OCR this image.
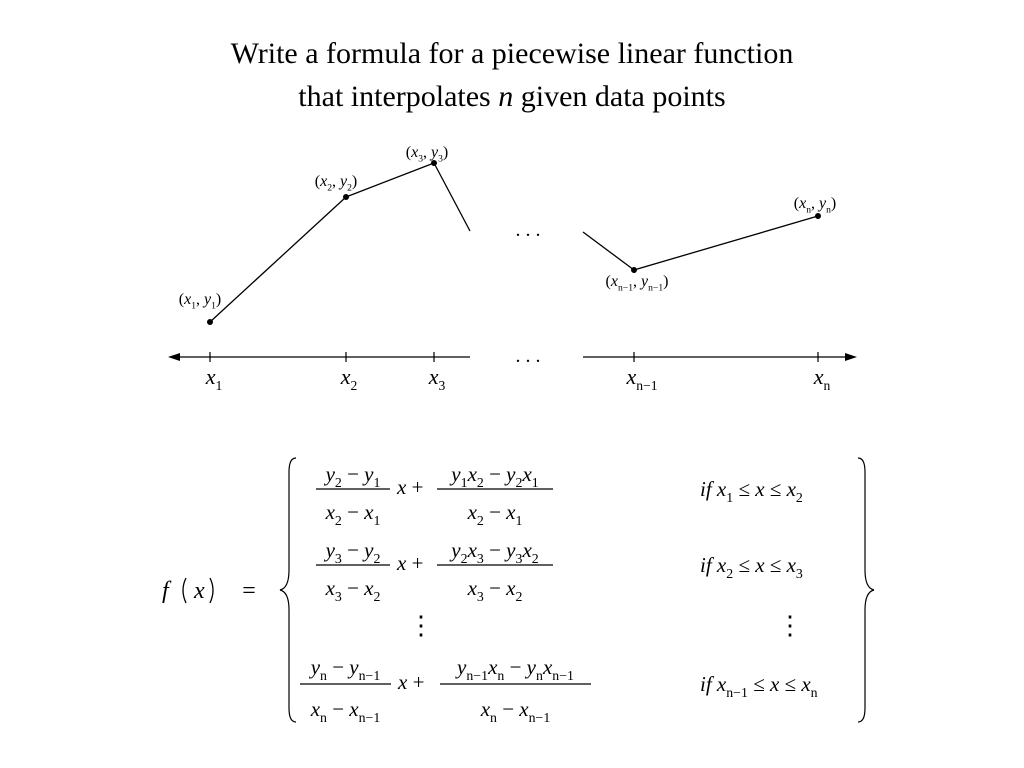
Write a formula for a piecewise linear function
that interpolates n given data points
. . .
. . .
($x_1$, $y_1$)
($x_2$, $y_2$)
($x_3$, $y_3$)
($x_{n-1}$, $y_{n-1}$)
($x_n$, $y_n$)
$x_1$	$x_2$	$x_3$	$x_{n-1}$	$x_n$
f x =
$y_2 - y_1$
$x_2 - x_1$
x +
$y_1x_2 - y_2x_1$
$x_2 - x_1$
if $x_1 \le x \le x_2$
$y_3 - y_2$
$x_3 - x_2$
x +
$y_2x_3 - y_3x_2$
$x_3 - x_2$
if $x_2 \le x \le x_3$
$y_n - y_{n-1}$
$x_n - x_{n-1}$
x +
$y_{n-1}x_n - y_nx_{n-1}$
$x_n - x_{n-1}$
if $x_{n-1} \le x \le x_n$
⋮	⋮
